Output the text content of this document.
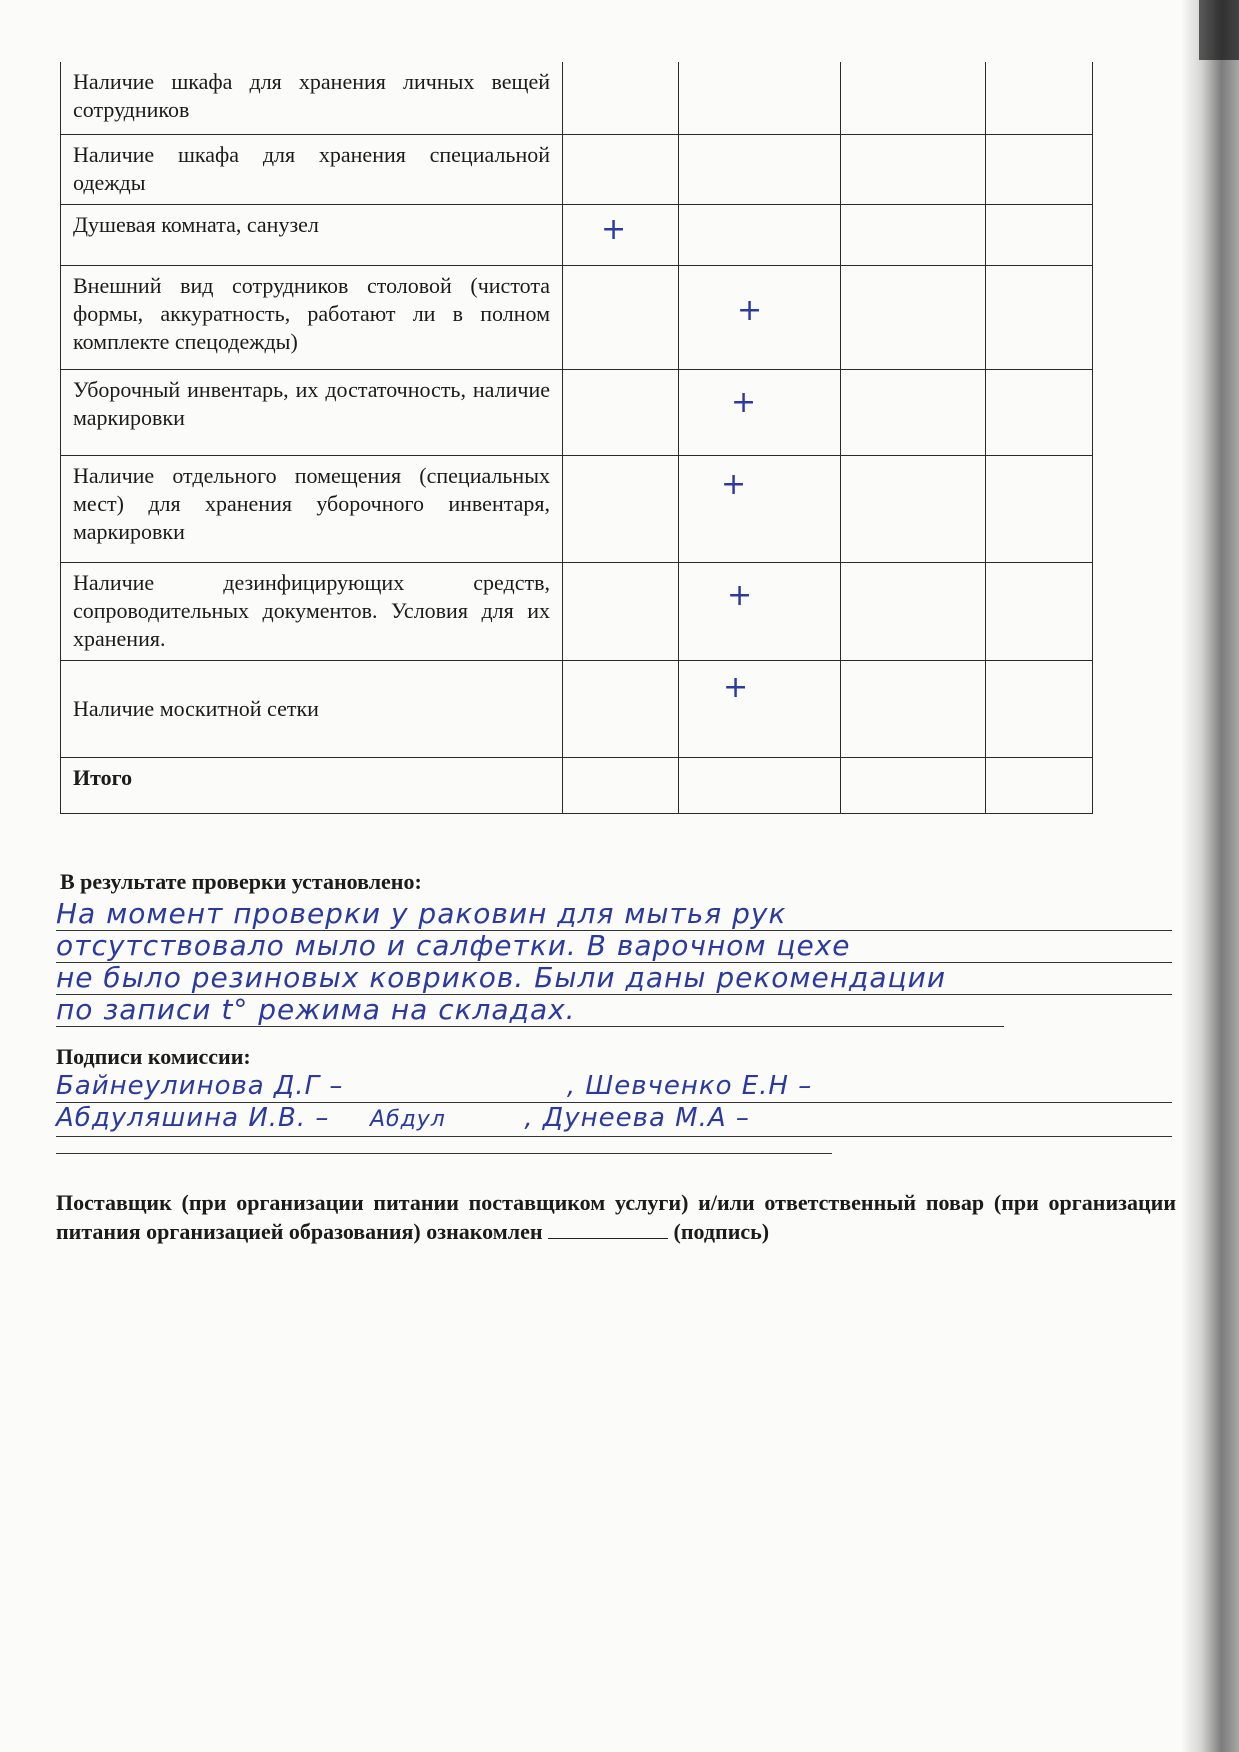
Наличие шкафа для хранения личных вещей сотрудников	

Наличие шкафа для хранения специальной одежды	

Душевая комната, санузел	+			

Внешний вид сотрудников столовой (чистота формы, аккуратность, работают ли в полном комплекте спецодежды)		+		

Уборочный инвентарь, их достаточность, наличие маркировки		+		

Наличие отдельного помещения (специальных мест) для хранения уборочного инвентаря, маркировки		+		

Наличие дезинфицирующих средств, сопроводительных документов. Условия для их хранения.		+		

Наличие москитной сетки		+		

Итого	

В результате проверки установлено:
На момент проверки у раковин для мытья рук
отсутствовало мыло и салфетки. В варочном цехе
не было резиновых ковриков. Были даны рекомендации
по записи t° режима на складах.
Подписи комиссии:
Байнеулинова Д.Г –	, Шевченко Е.Н –
Абдуляшина И.В. – Абдул	, Дунеева М.А –
Поставщик (при организации питании поставщиком услуги) и/или ответственный повар (при организации питания организацией образования) ознакомлен	(подпись)
